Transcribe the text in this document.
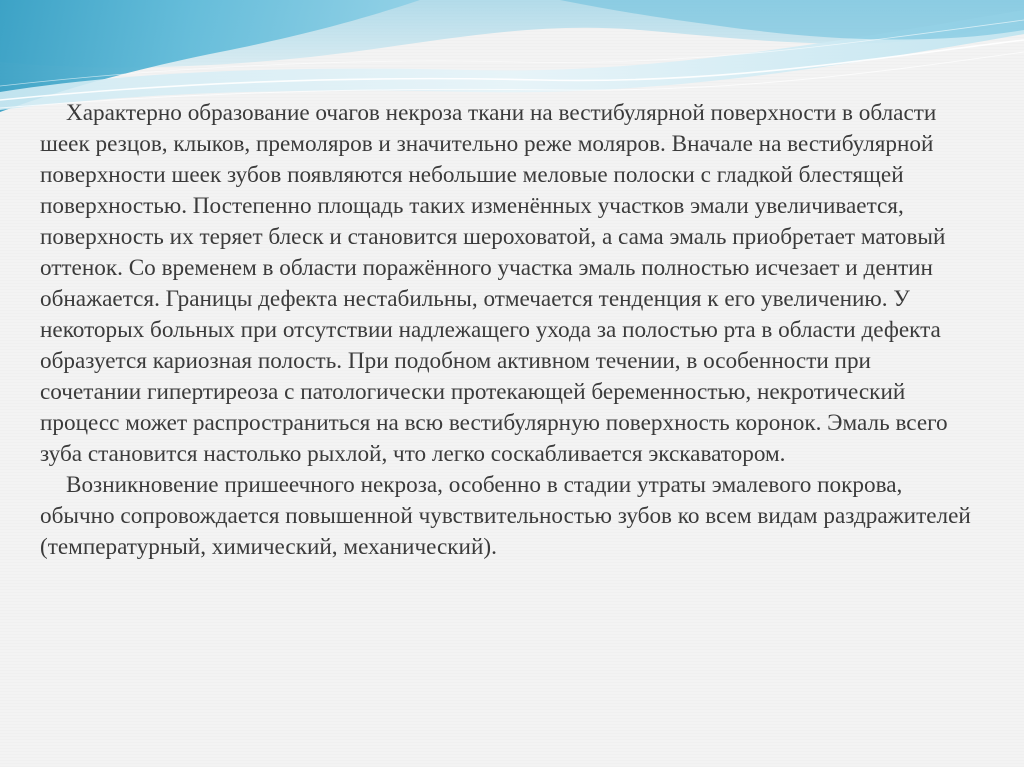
Характерно образование очагов некроза ткани на вестибулярной поверхности в области шеек резцов, клыков, премоляров и значительно реже моляров. Вначале на вестибулярной поверхности шеек зубов появляются небольшие меловые полоски с гладкой блестящей поверхностью. Постепенно площадь таких изменённых участков эмали увеличивается, поверхность их теряет блеск и становится шероховатой, а сама эмаль приобретает матовый оттенок. Со временем в области поражённого участка эмаль полностью исчезает и дентин обнажается. Границы дефекта нестабильны, отмечается тенденция к его увеличению. У некоторых больных при отсутствии надлежащего ухода за полостью рта в области дефекта образуется кариозная полость. При подобном активном течении, в особенности при сочетании гипертиреоза с патологически протекающей беременностью, некротический процесс может распространиться на всю вестибулярную поверхность коронок. Эмаль всего зуба становится настолько рыхлой, что легко соскабливается экскаватором.

Возникновение пришеечного некроза, особенно в стадии утраты эмалевого покрова, обычно сопровождается повышенной чувствительностью зубов ко всем видам раздражителей (температурный, химический, механический).
